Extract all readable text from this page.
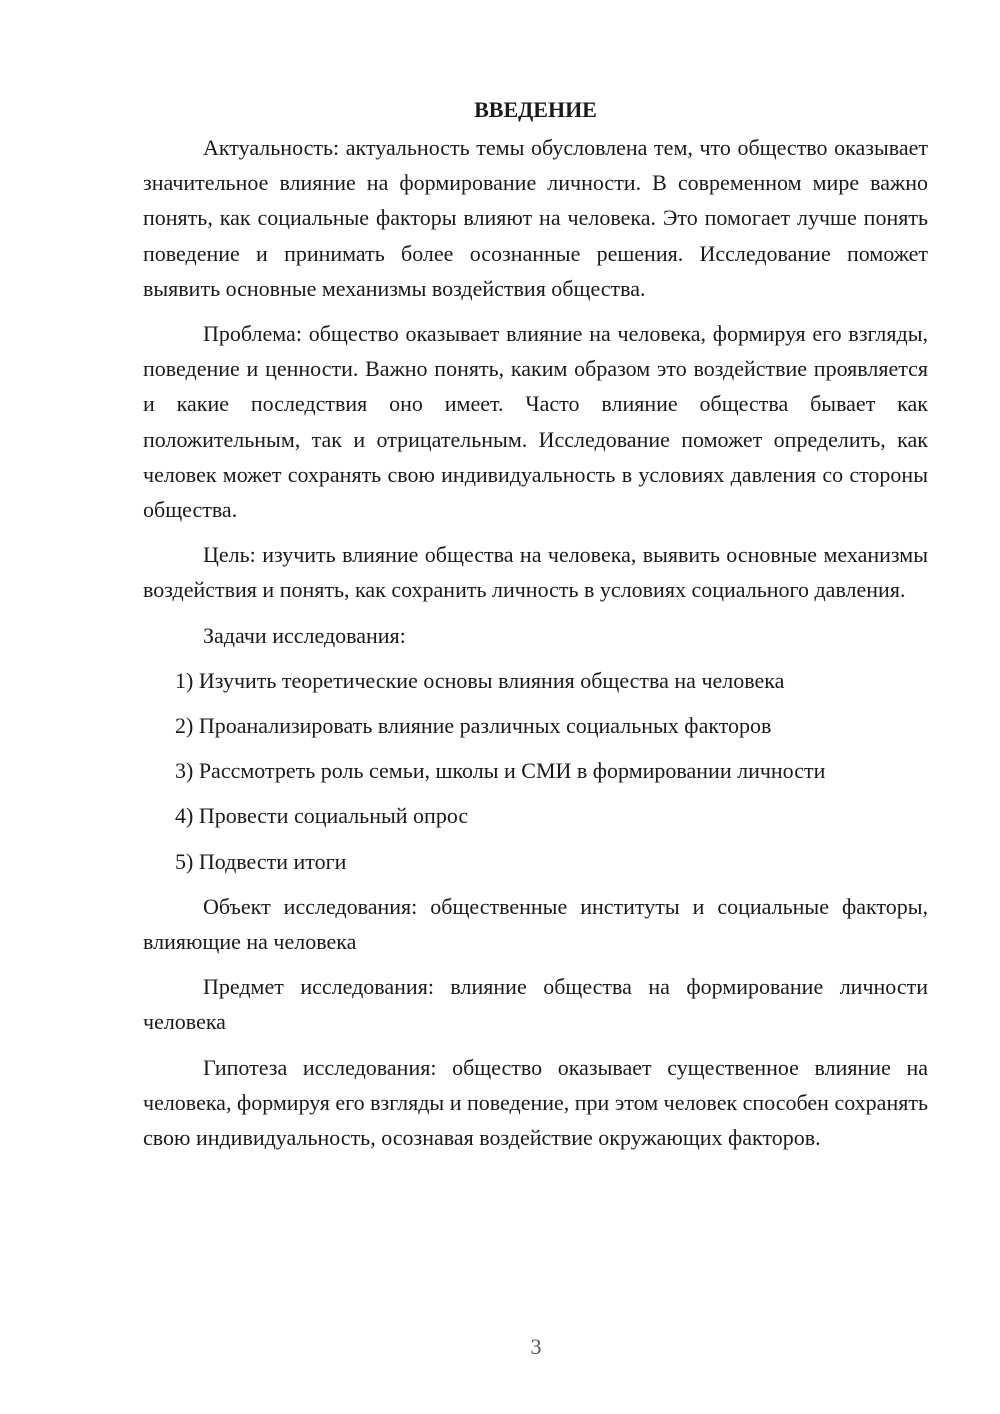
ВВЕДЕНИЕ

Актуальность: актуальность темы обусловлена тем, что общество оказывает значительное влияние на формирование личности. В современном мире важно понять, как социальные факторы влияют на человека. Это помогает лучше понять поведение и принимать более осознанные решения. Исследование поможет выявить основные механизмы воздействия общества.

Проблема: общество оказывает влияние на человека, формируя его взгляды, поведение и ценности. Важно понять, каким образом это воздействие проявляется и какие последствия оно имеет. Часто влияние общества бывает как положительным, так и отрицательным. Исследование поможет определить, как человек может сохранять свою индивидуальность в условиях давления со стороны общества.

Цель: изучить влияние общества на человека, выявить основные механизмы воздействия и понять, как сохранить личность в условиях социального давления.

Задачи исследования:

1) Изучить теоретические основы влияния общества на человека
2) Проанализировать влияние различных социальных факторов
3) Рассмотреть роль семьи, школы и СМИ в формировании личности
4) Провести социальный опрос
5) Подвести итоги

Объект исследования: общественные институты и социальные факторы, влияющие на человека

Предмет исследования: влияние общества на формирование личности человека

Гипотеза исследования: общество оказывает существенное влияние на человека, формируя его взгляды и поведение, при этом человек способен сохранять свою индивидуальность, осознавая воздействие окружающих факторов.

3
